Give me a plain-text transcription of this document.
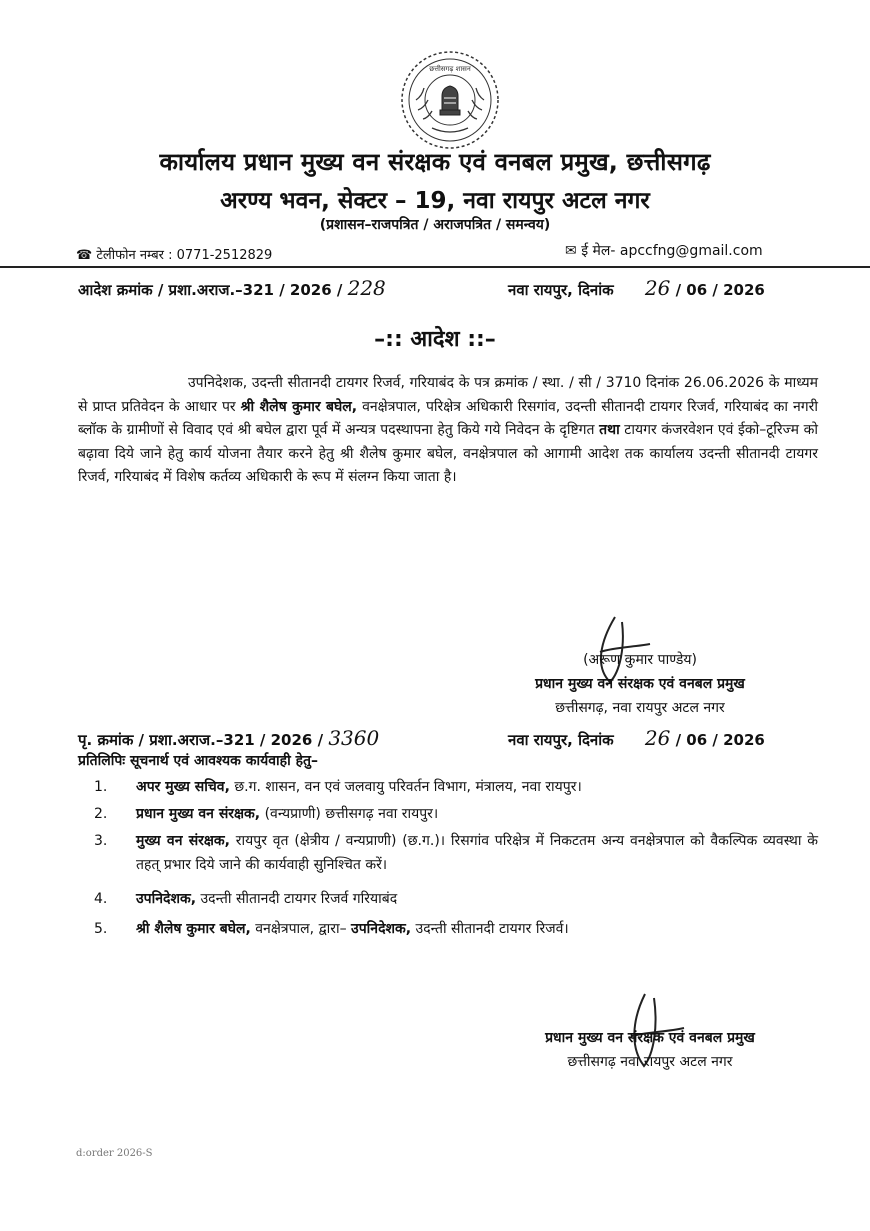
छत्तीसगढ़ शासन
कार्यालय प्रधान मुख्य वन संरक्षक एवं वनबल प्रमुख, छत्तीसगढ़
अरण्य भवन, सेक्टर – 19, नवा रायपुर अटल नगर
(प्रशासन–राजपत्रित / अराजपत्रित / समन्वय)
☎ टेलीफोन नम्बर : 0771-2512829	✉ ई मेल- apccfng@gmail.com
आदेश क्रमांक / प्रशा.अराज.–321 / 2026 / 228	नवा रायपुर, दिनांक 26 / 06 / 2026
–:: आदेश ::–
उपनिदेशक, उदन्ती सीतानदी टायगर रिजर्व, गरियाबंद के पत्र क्रमांक / स्था. / सी / 3710 दिनांक 26.06.2026 के माध्यम से प्राप्त प्रतिवेदन के आधार पर श्री शैलेष कुमार बघेल, वनक्षेत्रपाल, परिक्षेत्र अधिकारी रिसगांव, उदन्ती सीतानदी टायगर रिजर्व, गरियाबंद का नगरी ब्लॉक के ग्रामीणों से विवाद एवं श्री बघेल द्वारा पूर्व में अन्यत्र पदस्थापना हेतु किये गये निवेदन के दृष्टिगत तथा टायगर कंजरवेशन एवं ईको–टूरिज्म को बढ़ावा दिये जाने हेतु कार्य योजना तैयार करने हेतु श्री शैलेष कुमार बघेल, वनक्षेत्रपाल को आगामी आदेश तक कार्यालय उदन्ती सीतानदी टायगर रिजर्व, गरियाबंद में विशेष कर्तव्य अधिकारी के रूप में संलग्न किया जाता है।
(अरूण कुमार पाण्डेय)
प्रधान मुख्य वन संरक्षक एवं वनबल प्रमुख
छत्तीसगढ़, नवा रायपुर अटल नगर
पृ. क्रमांक / प्रशा.अराज.–321 / 2026 / 3360	नवा रायपुर, दिनांक 26 / 06 / 2026
प्रतिलिपिः सूचनार्थ एवं आवश्यक कार्यवाही हेतु–
1.	अपर मुख्य सचिव, छ.ग. शासन, वन एवं जलवायु परिवर्तन विभाग, मंत्रालय, नवा रायपुर।
2.	प्रधान मुख्य वन संरक्षक, (वन्यप्राणी) छत्तीसगढ़ नवा रायपुर।
3.	मुख्य वन संरक्षक, रायपुर वृत (क्षेत्रीय / वन्यप्राणी) (छ.ग.)। रिसगांव परिक्षेत्र में निकटतम अन्य वनक्षेत्रपाल को वैकल्पिक व्यवस्था के तहत् प्रभार दिये जाने की कार्यवाही सुनिश्चित करें।
4.	उपनिदेशक, उदन्ती सीतानदी टायगर रिजर्व गरियाबंद
5.	श्री शैलेष कुमार बघेल, वनक्षेत्रपाल, द्वारा– उपनिदेशक, उदन्ती सीतानदी टायगर रिजर्व।
प्रधान मुख्य वन संरक्षक एवं वनबल प्रमुख
छत्तीसगढ़ नवा रायपुर अटल नगर
d:order 2026-S
